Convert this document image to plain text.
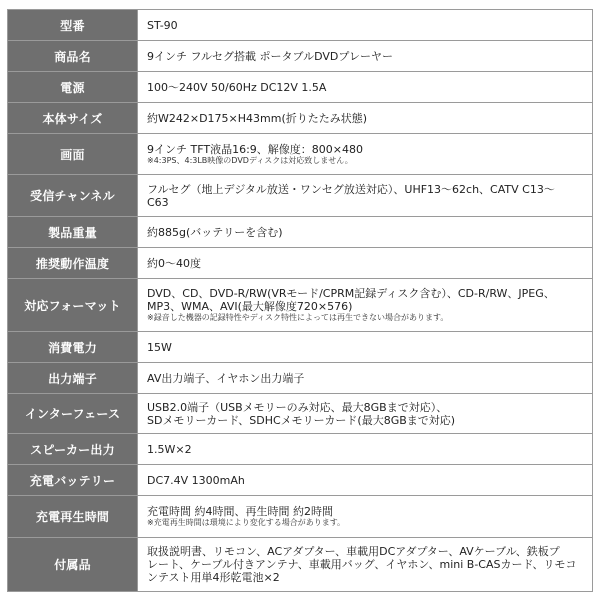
型番	ST-90

商品名	9インチ フルセグ搭載 ポータブルDVDプレーヤー

電源	100～240V 50/60Hz DC12V 1.5A

本体サイズ	約W242×D175×H43mm(折りたたみ状態)

画面	9インチ TFT液晶16:9、解像度：800×480
※4:3PS、4:3LB映像のDVDディスクは対応致しません。

受信チャンネル	フルセグ（地上デジタル放送・ワンセグ放送対応）、UHF13～62ch、CATV C13～
C63

製品重量	約885g(バッテリーを含む)

推奨動作温度	約0～40度

対応フォーマット	DVD、CD、DVD-R/RW(VRモード/CPRM記録ディスク含む）、CD-R/RW、JPEG、
MP3、WMA、AVI(最大解像度720×576)
※録音した機器の記録特性やディスク特性によっては再生できない場合があります。

消費電力	15W

出力端子	AV出力端子、イヤホン出力端子

インターフェース	USB2.0端子（USBメモリーのみ対応、最大8GBまで対応）、
SDメモリーカード、SDHCメモリーカード(最大8GBまで対応)

スピーカー出力	1.5W×2

充電バッテリー	DC7.4V 1300mAh

充電再生時間	充電時間 約4時間、再生時間 約2時間
※充電再生時間は環境により変化する場合があります。

付属品	取扱説明書、リモコン、ACアダプター、車載用DCアダプター、AVケーブル、鉄板プ
レート、ケーブル付きアンテナ、車載用バッグ、イヤホン、mini B-CASカード、リモコ
ンテスト用単4形乾電池×2
